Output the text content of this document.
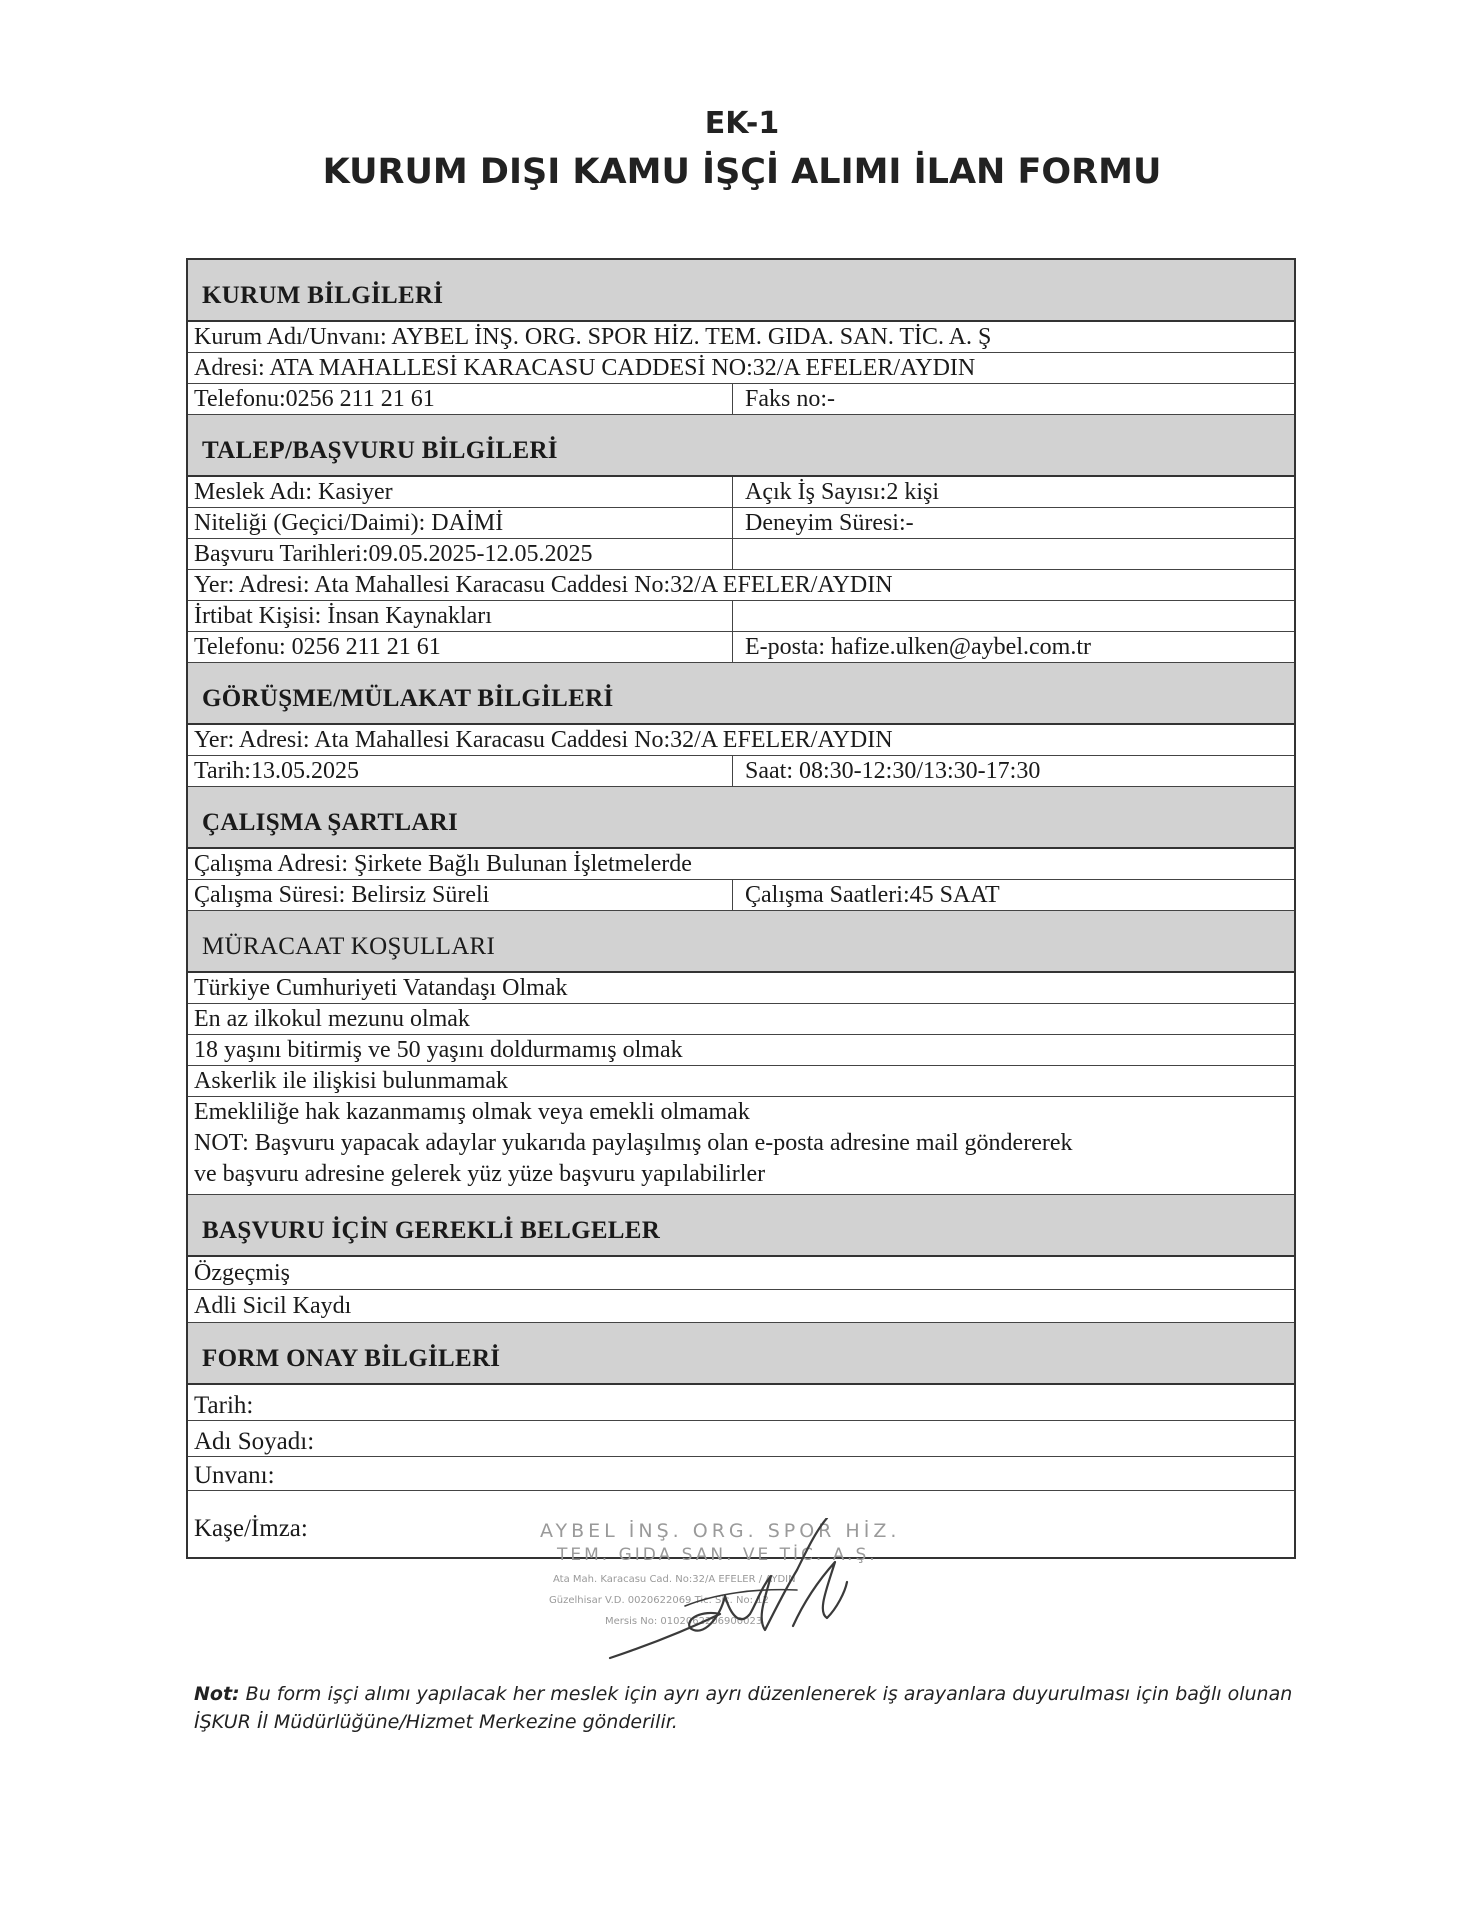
EK-1
KURUM DIŞI KAMU İŞÇİ ALIMI İLAN FORMU
KURUM BİLGİLERİ
Kurum Adı/Unvanı: AYBEL İNŞ. ORG. SPOR HİZ. TEM. GIDA. SAN. TİC. A. Ş
Adresi: ATA MAHALLESİ KARACASU CADDESİ NO:32/A EFELER/AYDIN
Telefonu:0256 211 21 61	Faks no:-
TALEP/BAŞVURU BİLGİLERİ
Meslek Adı: Kasiyer	Açık İş Sayısı:2 kişi
Niteliği (Geçici/Daimi): DAİMİ	Deneyim Süresi:-
Başvuru Tarihleri:09.05.2025-12.05.2025
Yer: Adresi: Ata Mahallesi Karacasu Caddesi No:32/A EFELER/AYDIN
İrtibat Kişisi: İnsan Kaynakları
Telefonu: 0256 211 21 61	E-posta: hafize.ulken@aybel.com.tr
GÖRÜŞME/MÜLAKAT BİLGİLERİ
Yer: Adresi: Ata Mahallesi Karacasu Caddesi No:32/A EFELER/AYDIN
Tarih:13.05.2025	Saat: 08:30-12:30/13:30-17:30
ÇALIŞMA ŞARTLARI
Çalışma Adresi: Şirkete Bağlı Bulunan İşletmelerde
Çalışma Süresi: Belirsiz Süreli	Çalışma Saatleri:45 SAAT
MÜRACAAT KOŞULLARI
Türkiye Cumhuriyeti Vatandaşı Olmak
En az ilkokul mezunu olmak
18 yaşını bitirmiş ve 50 yaşını doldurmamış olmak
Askerlik ile ilişkisi bulunmamak
Emekliliğe hak kazanmamış olmak veya emekli olmamak
NOT: Başvuru yapacak adaylar yukarıda paylaşılmış olan e-posta adresine mail göndererek
ve başvuru adresine gelerek yüz yüze başvuru yapılabilirler
BAŞVURU İÇİN GEREKLİ BELGELER
Özgeçmiş
Adli Sicil Kaydı
FORM ONAY BİLGİLERİ
Tarih:
Adı Soyadı:
Unvanı:
Kaşe/İmza:	AYBEL İNŞ. ORG. SPOR HİZ.
TEM. GIDA SAN. VE TİC. A.Ş.
Ata Mah. Karacasu Cad. No:32/A EFELER / AYDIN
Güzelhisar V.D. 0020622069 Tic. Sic. No: 12
Mersis No: 0102062206900023
Not: Bu form işçi alımı yapılacak her meslek için ayrı ayrı düzenlenerek iş arayanlara duyurulması için bağlı olunan İŞKUR İl Müdürlüğüne/Hizmet Merkezine gönderilir.
